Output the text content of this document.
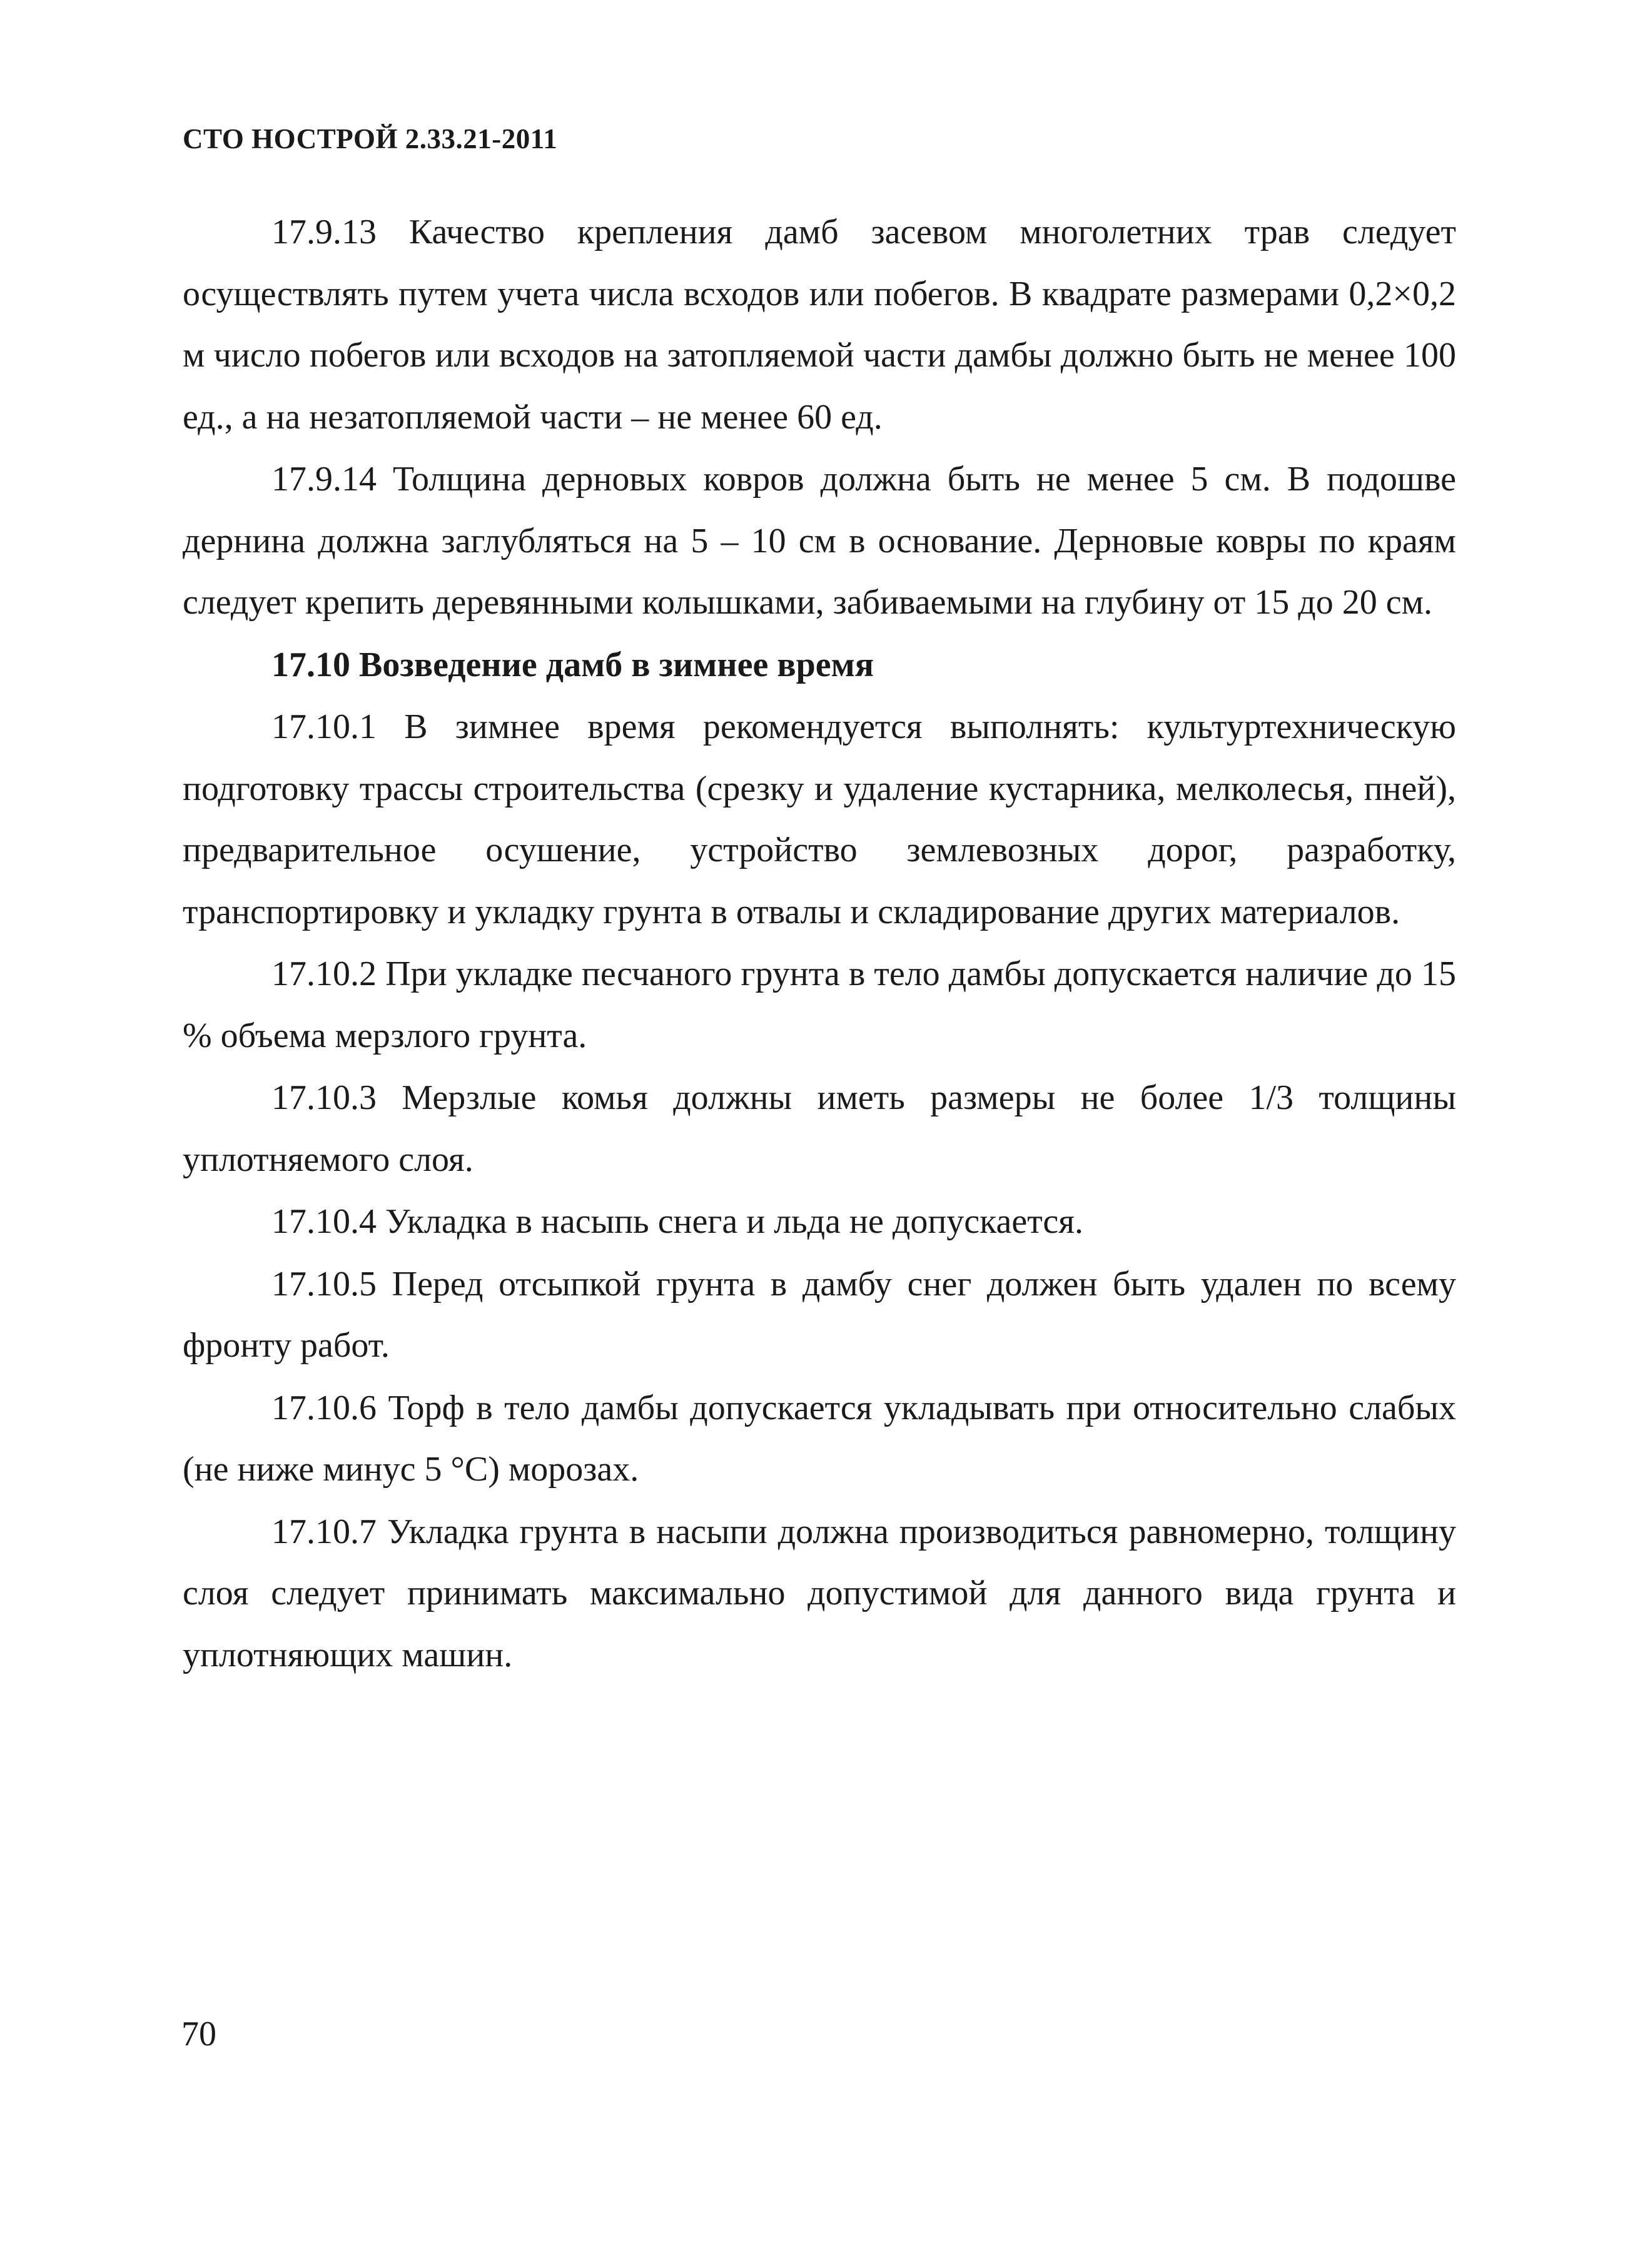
СТО НОСТРОЙ 2.33.21-2011

17.9.13 Качество крепления дамб засевом многолетних трав следует осуществлять путем учета числа всходов или побегов. В квадрате размерами 0,2×0,2 м число побегов или всходов на затопляемой части дамбы должно быть не менее 100 ед., а на незатопляемой части – не менее 60 ед.

17.9.14 Толщина дерновых ковров должна быть не менее 5 см. В подошве дернина должна заглубляться на 5 – 10 см в основание. Дерновые ковры по краям следует крепить деревянными колышками, забиваемыми на глубину от 15 до 20 см.

17.10 Возведение дамб в зимнее время

17.10.1 В зимнее время рекомендуется выполнять: культуртехническую подготовку трассы строительства (срезку и удаление кустарника, мелколесья, пней), предварительное осушение, устройство землевозных дорог, разработку, транспортировку и укладку грунта в отвалы и складирование других материалов.

17.10.2 При укладке песчаного грунта в тело дамбы допускается наличие до 15 % объема мерзлого грунта.

17.10.3 Мерзлые комья должны иметь размеры не более 1/3 толщины уплотняемого слоя.

17.10.4 Укладка в насыпь снега и льда не допускается.

17.10.5 Перед отсыпкой грунта в дамбу снег должен быть удален по всему фронту работ.

17.10.6 Торф в тело дамбы допускается укладывать при относительно слабых (не ниже минус 5 °С) морозах.

17.10.7 Укладка грунта в насыпи должна производиться равномерно, толщину слоя следует принимать максимально допустимой для данного вида грунта и уплотняющих машин.

70
